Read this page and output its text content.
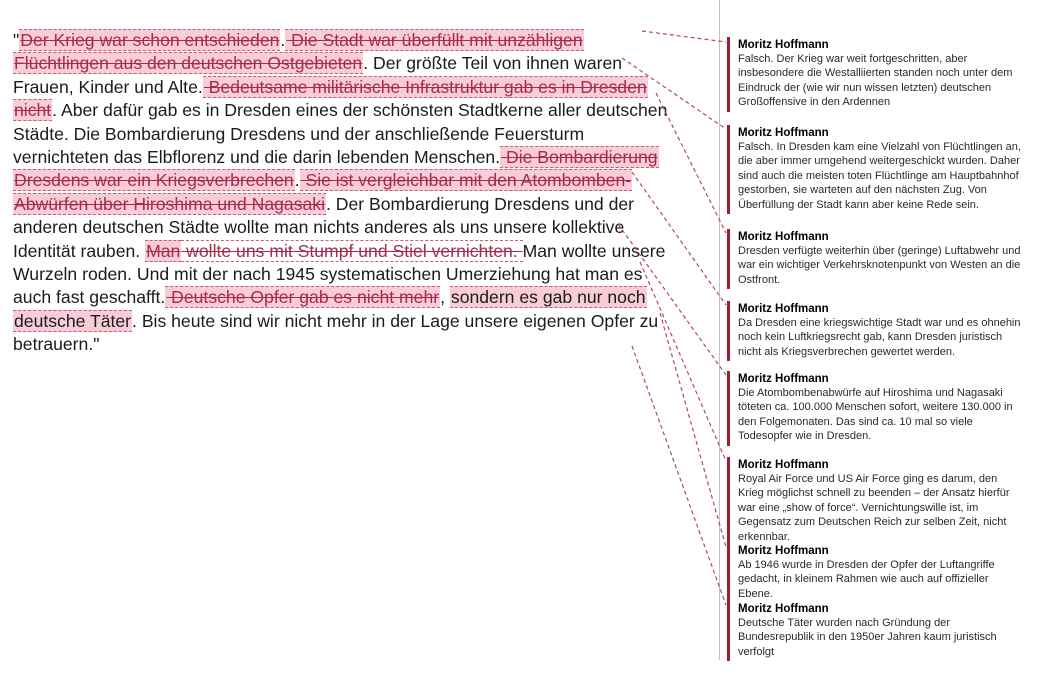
"Der Krieg war schon entschieden. Die Stadt war überfüllt mit unzähligen Flüchtlingen aus den deutschen Ostgebieten. Der größte Teil von ihnen waren Frauen, Kinder und Alte. Bedeutsame militärische Infrastruktur gab es in Dresden nicht. Aber dafür gab es in Dresden eines der schönsten Stadtkerne aller deutschen Städte. Die Bombardierung Dresdens und der anschließende Feuersturm vernichteten das Elbflorenz und die darin lebenden Menschen. Die Bombardierung Dresdens war ein Kriegsverbrechen. Sie ist vergleichbar mit den Atombomben-Abwürfen über Hiroshima und Nagasaki. Der Bombardierung Dresdens und der anderen deutschen Städte wollte man nichts anderes als uns unsere kollektive Identität rauben. Man wollte uns mit Stumpf und Stiel vernichten. Man wollte unsere Wurzeln roden. Und mit der nach 1945 systematischen Umerziehung hat man es auch fast geschafft. Deutsche Opfer gab es nicht mehr, sondern es gab nur noch deutsche Täter. Bis heute sind wir nicht mehr in der Lage unsere eigenen Opfer zu betrauern."

Moritz Hoffmann
Falsch. Der Krieg war weit fortgeschritten, aber insbesondere die Westalliierten standen noch unter dem Eindruck der (wie wir nun wissen letzten) deutschen Großoffensive in den Ardennen
Moritz Hoffmann
Falsch. In Dresden kam eine Vielzahl von Flüchtlingen an, die aber immer umgehend weitergeschickt wurden. Daher sind auch die meisten toten Flüchtlinge am Hauptbahnhof gestorben, sie warteten auf den nächsten Zug. Von Überfüllung der Stadt kann aber keine Rede sein.
Moritz Hoffmann
Dresden verfügte weiterhin über (geringe) Luftabwehr und war ein wichtiger Verkehrsknotenpunkt von Westen an die Ostfront.
Moritz Hoffmann
Da Dresden eine kriegswichtige Stadt war und es ohnehin noch kein Luftkriegsrecht gab, kann Dresden juristisch nicht als Kriegsverbrechen gewertet werden.
Moritz Hoffmann
Die Atombombenabwürfe auf Hiroshima und Nagasaki töteten ca. 100.000 Menschen sofort, weitere 130.000 in den Folgemonaten. Das sind ca. 10 mal so viele Todesopfer wie in Dresden.
Moritz Hoffmann
Royal Air Force und US Air Force ging es darum, den Krieg möglichst schnell zu beenden – der Ansatz hierfür war eine „show of force“. Vernichtungswille ist, im Gegensatz zum Deutschen Reich zur selben Zeit, nicht erkennbar.
Moritz Hoffmann
Ab 1946 wurde in Dresden der Opfer der Luftangriffe gedacht, in kleinem Rahmen wie auch auf offizieller Ebene.
Moritz Hoffmann
Deutsche Täter wurden nach Gründung der Bundesrepublik in den 1950er Jahren kaum juristisch verfolgt
